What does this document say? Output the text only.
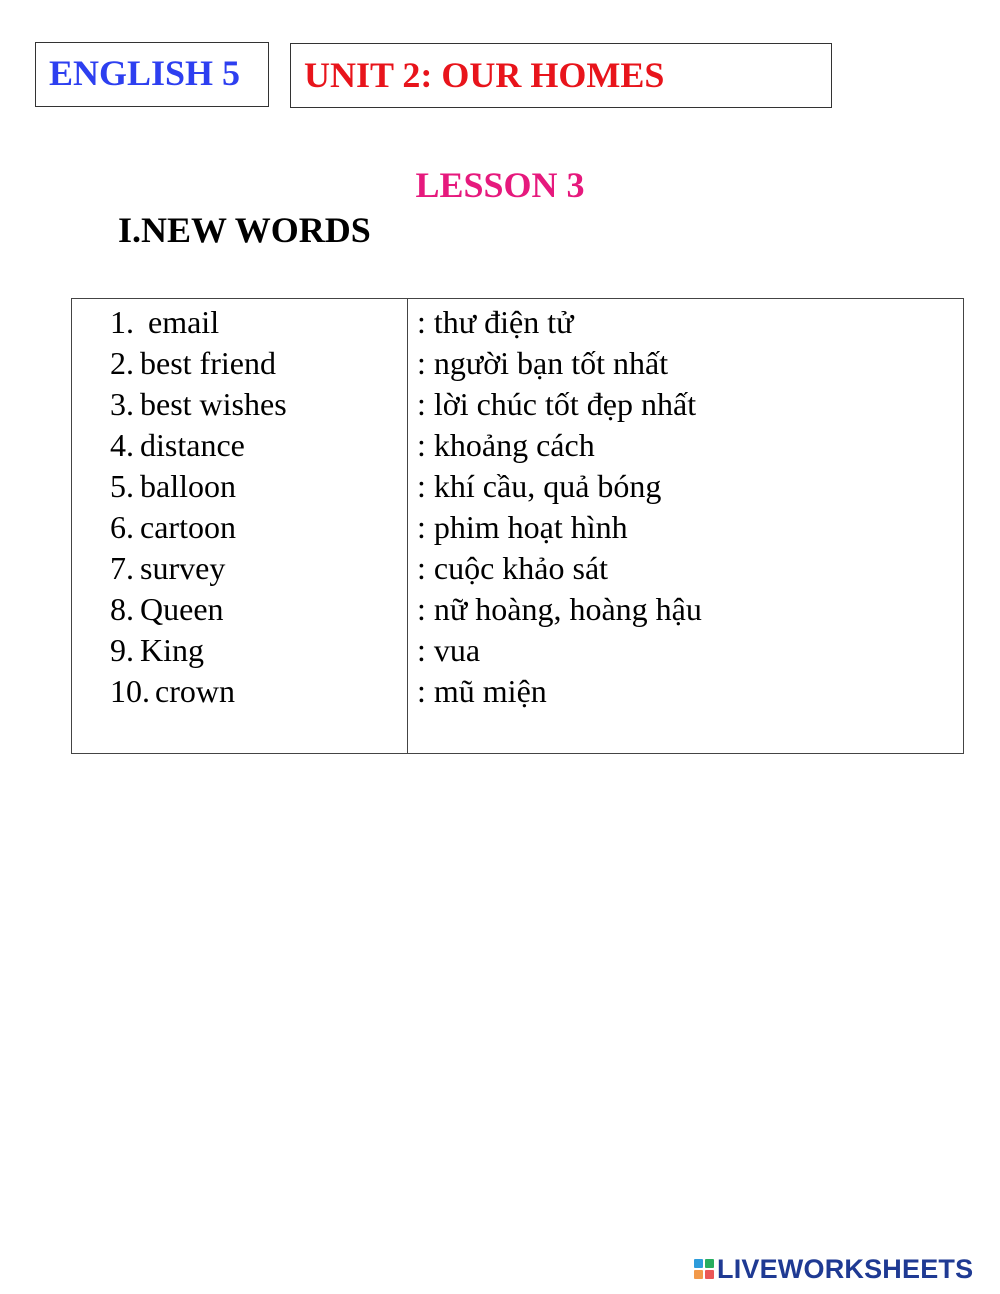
ENGLISH 5	UNIT 2: OUR HOMES
LESSON 3
I.NEW WORDS
1. email	: thư điện tử
2. best friend	: người bạn tốt nhất
3. best wishes	: lời chúc tốt đẹp nhất
4. distance	: khoảng cách
5. balloon	: khí cầu, quả bóng
6. cartoon	: phim hoạt hình
7. survey	: cuộc khảo sát
8. Queen	: nữ hoàng, hoàng hậu
9. King	: vua
10. crown	: mũ miện
LIVEWORKSHEETS
